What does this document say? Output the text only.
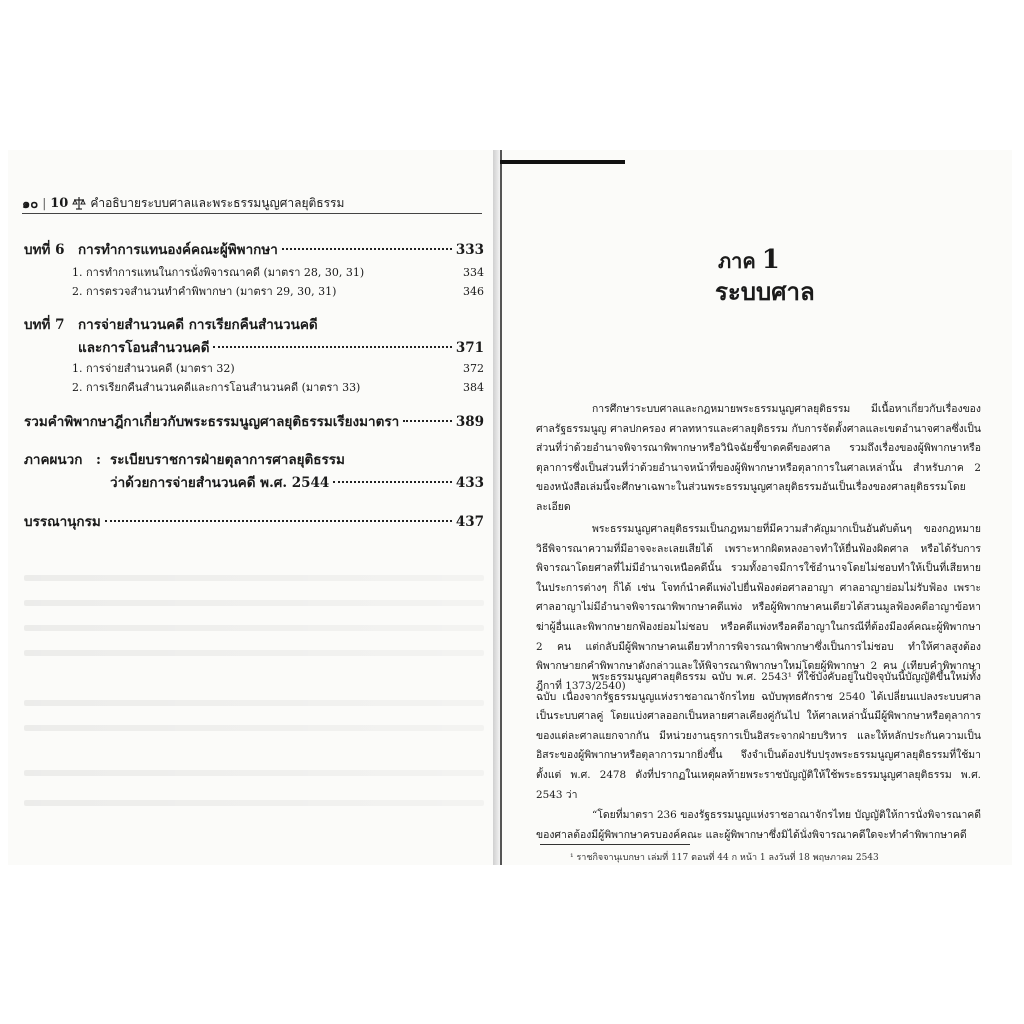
๑๐ | 10 คำอธิบายระบบศาลและพระธรรมนูญศาลยุติธรรม
บทที่ 6	การทำการแทนองค์คณะผู้พิพากษา	333
1. การทำการแทนในการนั่งพิจารณาคดี (มาตรา 28, 30, 31)	334
2. การตรวจสำนวนทำคำพิพากษา (มาตรา 29, 30, 31)	346
บทที่ 7	การจ่ายสำนวนคดี การเรียกคืนสำนวนคดี
และการโอนสำนวนคดี	371
1. การจ่ายสำนวนคดี (มาตรา 32)	372
2. การเรียกคืนสำนวนคดีและการโอนสำนวนคดี (มาตรา 33)	384
รวมคำพิพากษาฎีกาเกี่ยวกับพระธรรมนูญศาลยุติธรรมเรียงมาตรา	389
ภาคผนวก	: ระเบียบราชการฝ่ายตุลาการศาลยุติธรรม
ว่าด้วยการจ่ายสำนวนคดี พ.ศ. 2544	433
บรรณานุกรม	437
ภาค 1
ระบบศาล

การศึกษาระบบศาลและกฎหมายพระธรรมนูญศาลยุติธรรม มีเนื้อหาเกี่ยวกับเรื่องของศาลรัฐธรรมนูญ ศาลปกครอง ศาลทหารและศาลยุติธรรม กับการจัดตั้งศาลและเขตอำนาจศาลซึ่งเป็นส่วนที่ว่าด้วยอำนาจพิจารณาพิพากษาหรือวินิจฉัยชี้ขาดคดีของศาล รวมถึงเรื่องของผู้พิพากษาหรือตุลาการซึ่งเป็นส่วนที่ว่าด้วยอำนาจหน้าที่ของผู้พิพากษาหรือตุลาการในศาลเหล่านั้น สำหรับภาค 2 ของหนังสือเล่มนี้จะศึกษาเฉพาะในส่วนพระธรรมนูญศาลยุติธรรมอันเป็นเรื่องของศาลยุติธรรมโดยละเอียด

พระธรรมนูญศาลยุติธรรมเป็นกฎหมายที่มีความสำคัญมากเป็นอันดับต้นๆ ของกฎหมายวิธีพิจารณาความที่มีอาจจะละเลยเสียได้ เพราะหากผิดหลงอาจทำให้ยื่นฟ้องผิดศาล หรือได้รับการพิจารณาโดยศาลที่ไม่มีอำนาจเหนือคดีนั้น รวมทั้งอาจมีการใช้อำนาจโดยไม่ชอบทำให้เป็นที่เสียหายในประการต่างๆ ก็ได้ เช่น โจทก์นำคดีแพ่งไปยื่นฟ้องต่อศาลอาญา ศาลอาญาย่อมไม่รับฟ้อง เพราะศาลอาญาไม่มีอำนาจพิจารณาพิพากษาคดีแพ่ง หรือผู้พิพากษาคนเดียวได้สวนมูลฟ้องคดีอาญาข้อหาฆ่าผู้อื่นและพิพากษายกฟ้องย่อมไม่ชอบ หรือคดีแพ่งหรือคดีอาญาในกรณีที่ต้องมีองค์คณะผู้พิพากษา 2 คน แต่กลับมีผู้พิพากษาคนเดียวทำการพิจารณาพิพากษาซึ่งเป็นการไม่ชอบ ทำให้ศาลสูงต้องพิพากษายกคำพิพากษาดังกล่าวและให้พิจารณาพิพากษาใหม่โดยผู้พิพากษา 2 คน (เทียบคำพิพากษาฎีกาที่ 1373/2540)

พระธรรมนูญศาลยุติธรรม ฉบับ พ.ศ. 2543¹ ที่ใช้บังคับอยู่ในปัจจุบันนี้บัญญัติขึ้นใหม่ทั้งฉบับ เนื่องจากรัฐธรรมนูญแห่งราชอาณาจักรไทย ฉบับพุทธศักราช 2540 ได้เปลี่ยนแปลงระบบศาลเป็นระบบศาลคู่ โดยแบ่งศาลออกเป็นหลายศาลเคียงคู่กันไป ให้ศาลเหล่านั้นมีผู้พิพากษาหรือตุลาการของแต่ละศาลแยกจากกัน มีหน่วยงานธุรการเป็นอิสระจากฝ่ายบริหาร และให้หลักประกันความเป็นอิสระของผู้พิพากษาหรือตุลาการมากยิ่งขึ้น จึงจำเป็นต้องปรับปรุงพระธรรมนูญศาลยุติธรรมที่ใช้มาตั้งแต่ พ.ศ. 2478 ดังที่ปรากฏในเหตุผลท้ายพระราชบัญญัติให้ใช้พระธรรมนูญศาลยุติธรรม พ.ศ. 2543 ว่า

“โดยที่มาตรา 236 ของรัฐธรรมนูญแห่งราชอาณาจักรไทย บัญญัติให้การนั่งพิจารณาคดีของศาลต้องมีผู้พิพากษาครบองค์คณะ และผู้พิพากษาซึ่งมิได้นั่งพิจารณาคดีใดจะทำคำพิพากษาคดี

¹ ราชกิจจานุเบกษา เล่มที่ 117 ตอนที่ 44 ก หน้า 1 ลงวันที่ 18 พฤษภาคม 2543
